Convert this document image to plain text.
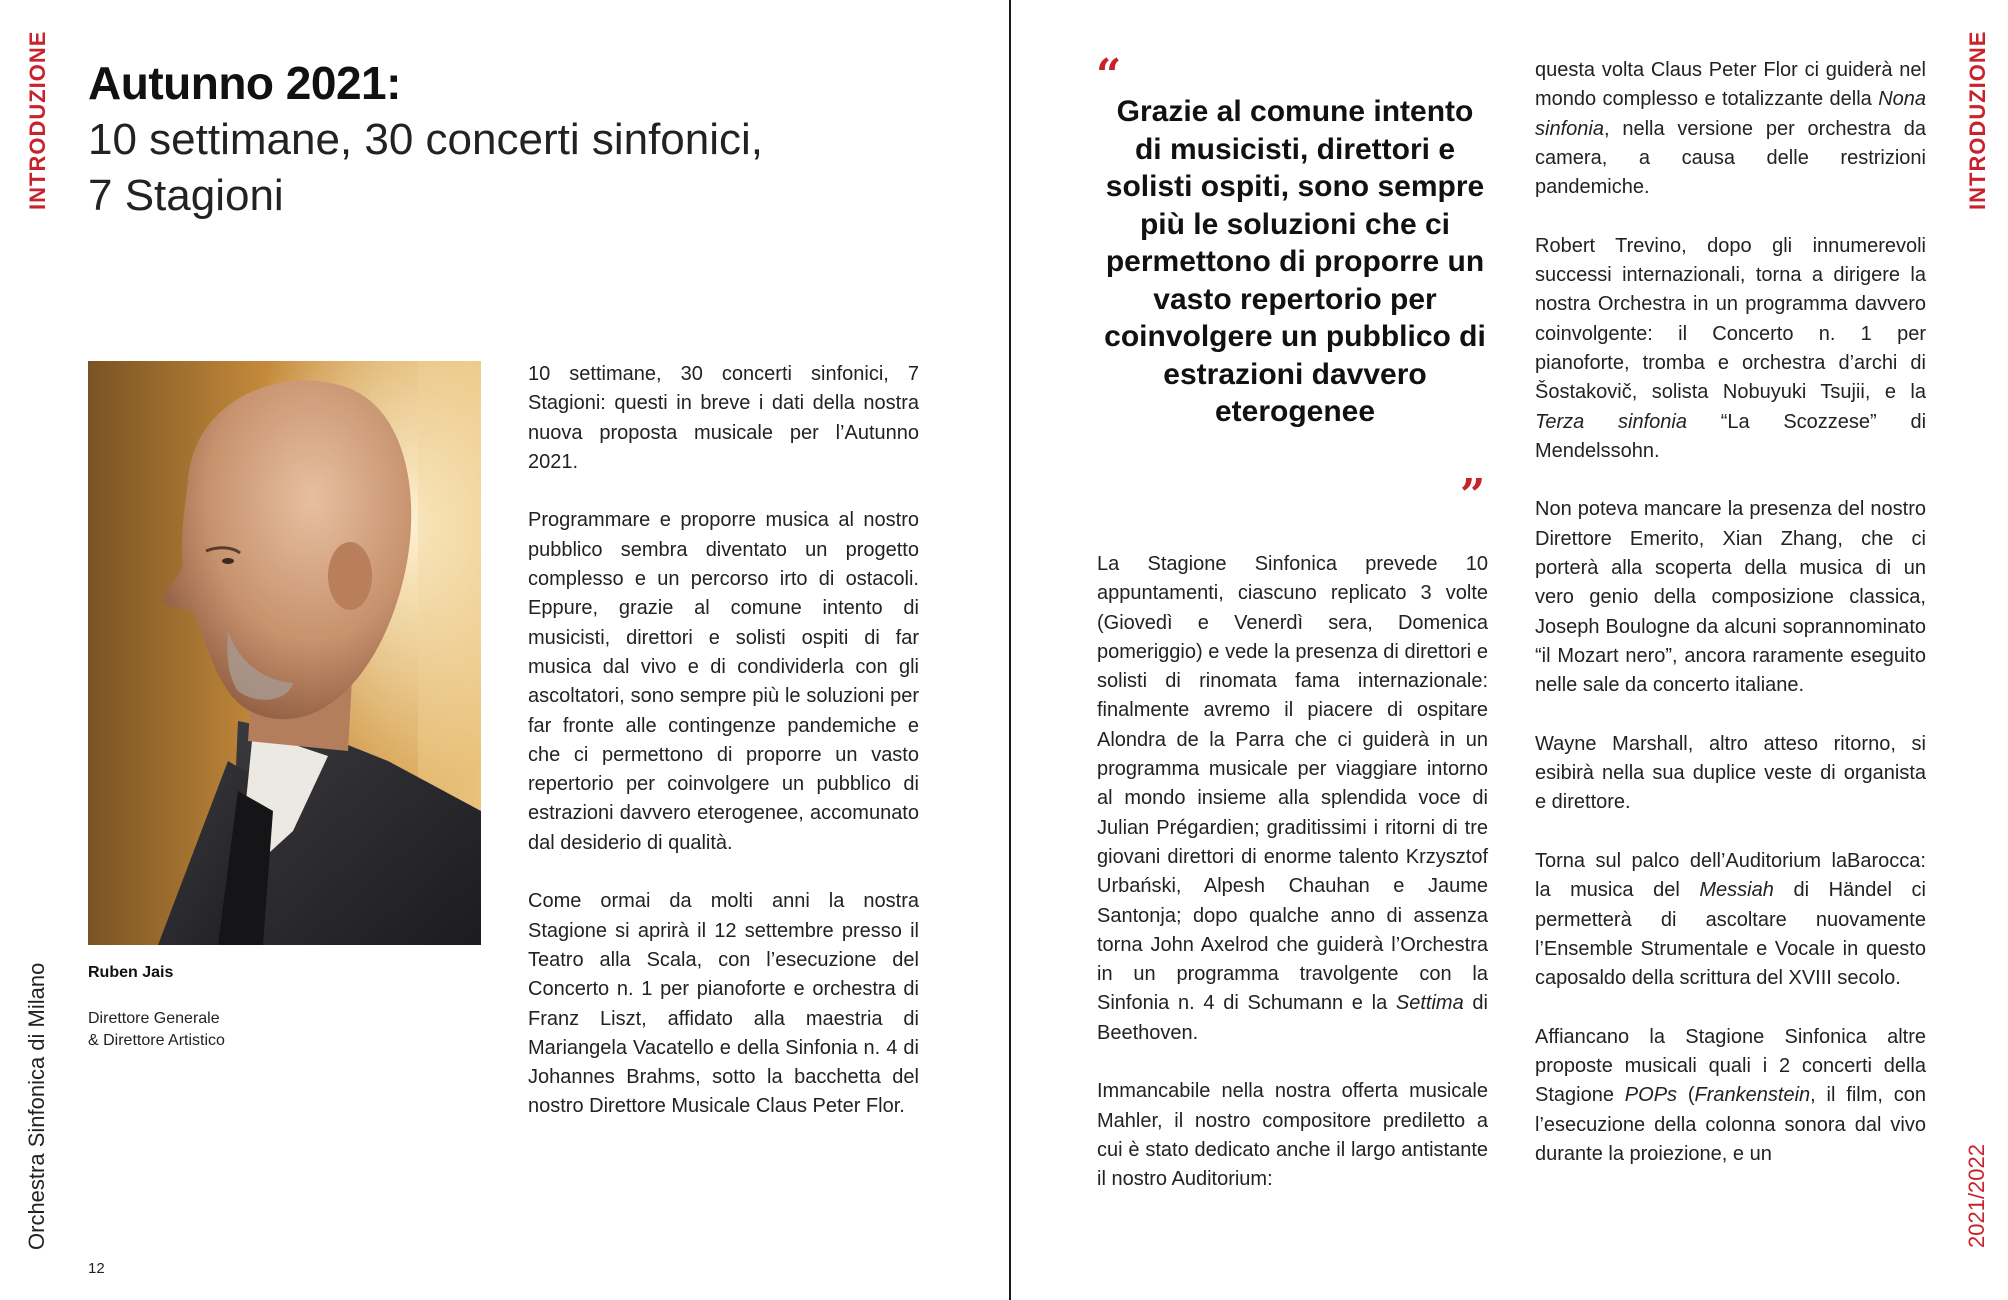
INTRODUZIONE
Orchestra Sinfonica di Milano
INTRODUZIONE
2021/2022
12
Autunno 2021:
10 settimane, 30 concerti sinfonici,
7 Stagioni
Ruben Jais
Direttore Generale
& Direttore Artistico

10 settimane, 30 concerti sinfonici, 7 Stagioni: questi in breve i dati della nostra nuova proposta musicale per l’Autunno 2021.

Programmare e proporre musica al nostro pubblico sembra diventato un progetto complesso e un percorso irto di ostacoli. Eppure, grazie al comune intento di musicisti, direttori e solisti ospiti di far musica dal vivo e di condividerla con gli ascoltatori, sono sempre più le soluzioni per far fronte alle contingenze pandemiche e che ci permettono di proporre un vasto repertorio per coinvolgere un pubblico di estrazioni davvero eterogenee, accomunato dal desiderio di qualità.

Come ormai da molti anni la nostra Stagione si aprirà il 12 settembre presso il Teatro alla Scala, con l’esecuzione del Concerto n. 1 per pianoforte e orchestra di Franz Liszt, affidato alla maestria di Mariangela Vacatello e della Sinfonia n. 4 di Johannes Brahms, sotto la bacchetta del nostro Direttore Musicale Claus Peter Flor.

“
Grazie al comune intento di musicisti, direttori e solisti ospiti, sono sempre più le soluzioni che ci permettono di proporre un vasto repertorio per coinvolgere un pubblico di estrazioni davvero eterogenee
”

La Stagione Sinfonica prevede 10 appuntamenti, ciascuno replicato 3 volte (Giovedì e Venerdì sera, Domenica pomeriggio) e vede la presenza di direttori e solisti di rinomata fama internazionale: finalmente avremo il piacere di ospitare Alondra de la Parra che ci guiderà in un programma musicale per viaggiare intorno al mondo insieme alla splendida voce di Julian Prégardien; graditissimi i ritorni di tre giovani direttori di enorme talento Krzysztof Urbański, Alpesh Chauhan e Jaume Santonja; dopo qualche anno di assenza torna John Axelrod che guiderà l’Orchestra in un programma travolgente con la Sinfonia n. 4 di Schumann e la Settima di Beethoven.

Immancabile nella nostra offerta musicale Mahler, il nostro compositore prediletto a cui è stato dedicato anche il largo antistante il nostro Auditorium:

questa volta Claus Peter Flor ci guiderà nel mondo complesso e totalizzante della Nona sinfonia, nella versione per orchestra da camera, a causa delle restrizioni pandemiche.

Robert Trevino, dopo gli innumerevoli successi internazionali, torna a dirigere la nostra Orchestra in un programma davvero coinvolgente: il Concerto n. 1 per pianoforte, tromba e orchestra d’archi di Šostakovič, solista Nobuyuki Tsujii, e la Terza sinfonia “La Scozzese” di Mendelssohn.

Non poteva mancare la presenza del nostro Direttore Emerito, Xian Zhang, che ci porterà alla scoperta della musica di un vero genio della composizione classica, Joseph Boulogne da alcuni soprannominato “il Mozart nero”, ancora raramente eseguito nelle sale da concerto italiane.

Wayne Marshall, altro atteso ritorno, si esibirà nella sua duplice veste di organista e direttore.

Torna sul palco dell’Auditorium laBarocca: la musica del Messiah di Händel ci permetterà di ascoltare nuovamente l’Ensemble Strumentale e Vocale in questo caposaldo della scrittura del XVIII secolo.

Affiancano la Stagione Sinfonica altre proposte musicali quali i 2 concerti della Stagione POPs (Frankenstein, il film, con l’esecuzione della colonna sonora dal vivo durante la proiezione, e un
